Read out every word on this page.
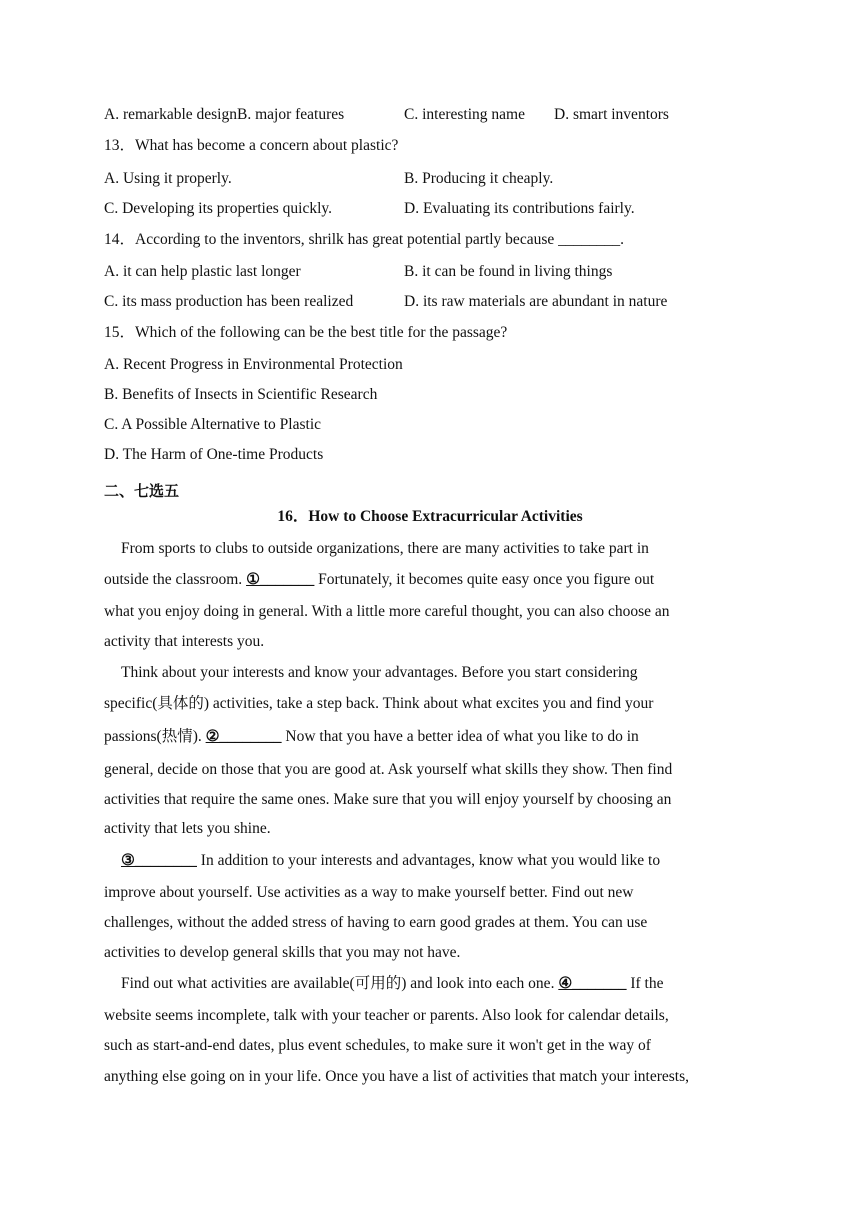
A. remarkable designB. major features	C. interesting name D. smart inventors
13．What has become a concern about plastic?
A. Using it properly.	B. Producing it cheaply.
C. Developing its properties quickly.	D. Evaluating its contributions fairly.
14．According to the inventors, shrilk has great potential partly because ________.
A. it can help plastic last longer	B. it can be found in living things
C. its mass production has been realized	D. its raw materials are abundant in nature
15．Which of the following can be the best title for the passage?
A. Recent Progress in Environmental Protection
B. Benefits of Insects in Scientific Research
C. A Possible Alternative to Plastic
D. The Harm of One-time Products
二、七选五
16．How to Choose Extracurricular Activities
From sports to clubs to outside organizations, there are many activities to take part in
outside the classroom. ①_______ Fortunately, it becomes quite easy once you figure out
what you enjoy doing in general. With a little more careful thought, you can also choose an
activity that interests you.
Think about your interests and know your advantages. Before you start considering
specific(具体的) activities, take a step back. Think about what excites you and find your
passions(热情). ②________ Now that you have a better idea of what you like to do in
general, decide on those that you are good at. Ask yourself what skills they show. Then find
activities that require the same ones. Make sure that you will enjoy yourself by choosing an
activity that lets you shine.
③________ In addition to your interests and advantages, know what you would like to
improve about yourself. Use activities as a way to make yourself better. Find out new
challenges, without the added stress of having to earn good grades at them. You can use
activities to develop general skills that you may not have.
Find out what activities are available(可用的) and look into each one. ④_______ If the
website seems incomplete, talk with your teacher or parents. Also look for calendar details,
such as start-and-end dates, plus event schedules, to make sure it won't get in the way of
anything else going on in your life. Once you have a list of activities that match your interests,
